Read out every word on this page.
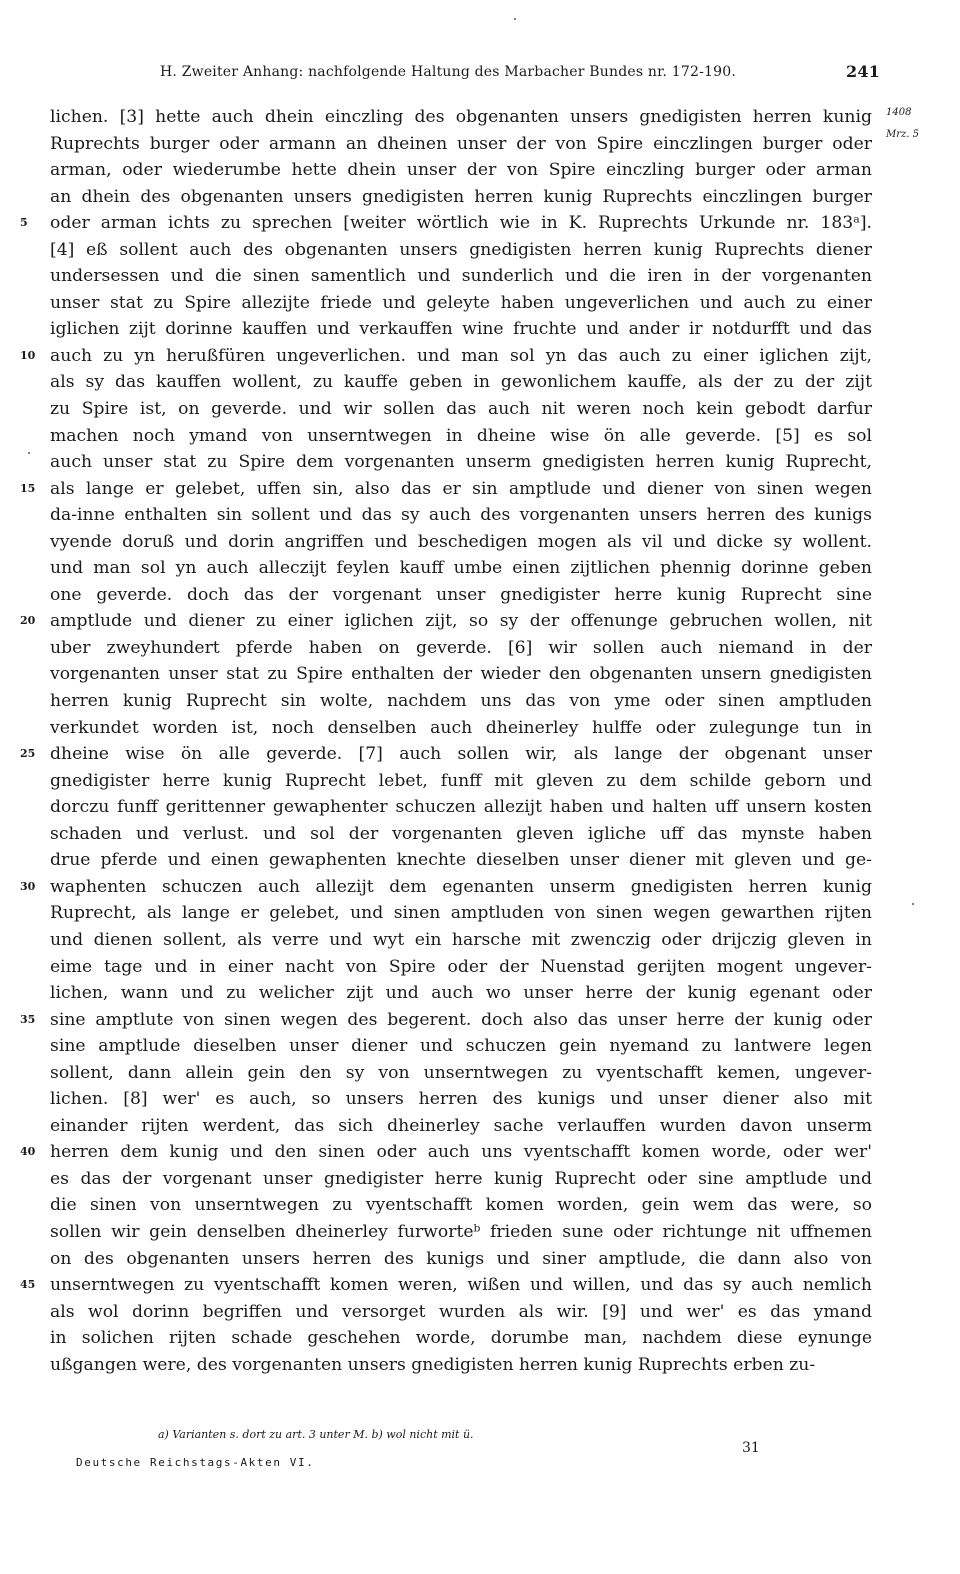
H. Zweiter Anhang: nachfolgende Haltung des Marbacher Bundes nr. 172-190.	241
1408
Mrz. 5
lichen. [3] hette auch dhein einczling des obgenanten unsers gnedigisten herren kunig
Ruprechts burger oder armann an dheinen unser der von Spire einczlingen burger oder
arman, oder wiederumbe hette dhein unser der von Spire einczling burger oder arman
an dhein des obgenanten unsers gnedigisten herren kunig Ruprechts einczlingen burger
5	oder arman ichts zu sprechen [weiter wörtlich wie in K. Ruprechts Urkunde nr. 183ᵃ].
[4] eß sollent auch des obgenanten unsers gnedigisten herren kunig Ruprechts diener
undersessen und die sinen samentlich und sunderlich und die iren in der vorgenanten
unser stat zu Spire allezijte friede und geleyte haben ungeverlichen und auch zu einer
iglichen zijt dorinne kauffen und verkauffen wine fruchte und ander ir notdurfft und das
10 auch zu yn herußfüren ungeverlichen. und man sol yn das auch zu einer iglichen zijt,
als sy das kauffen wollent, zu kauffe geben in gewonlichem kauffe, als der zu der zijt
zu Spire ist, on geverde. und wir sollen das auch nit weren noch kein gebodt darfur
machen noch ymand von unserntwegen in dheine wise ön alle geverde. [5] es sol
auch unser stat zu Spire dem vorgenanten unserm gnedigisten herren kunig Ruprecht,
15 als lange er gelebet, uffen sin, also das er sin amptlude und diener von sinen wegen
da-inne enthalten sin sollent und das sy auch des vorgenanten unsers herren des kunigs
vyende doruß und dorin angriffen und beschedigen mogen als vil und dicke sy wollent.
und man sol yn auch alleczijt feylen kauff umbe einen zijtlichen phennig dorinne geben
one geverde. doch das der vorgenant unser gnedigister herre kunig Ruprecht sine
20 amptlude und diener zu einer iglichen zijt, so sy der offenunge gebruchen wollen, nit
uber zweyhundert pferde haben on geverde. [6] wir sollen auch niemand in der
vorgenanten unser stat zu Spire enthalten der wieder den obgenanten unsern gnedigisten
herren kunig Ruprecht sin wolte, nachdem uns das von yme oder sinen amptluden
verkundet worden ist, noch denselben auch dheinerley hulffe oder zulegunge tun in
25 dheine wise ön alle geverde. [7] auch sollen wir, als lange der obgenant unser
gnedigister herre kunig Ruprecht lebet, funff mit gleven zu dem schilde geborn und
dorczu funff gerittenner gewaphenter schuczen allezijt haben und halten uff unsern kosten
schaden und verlust. und sol der vorgenanten gleven igliche uff das mynste haben
drue pferde und einen gewaphenten knechte dieselben unser diener mit gleven und ge-
30 waphenten schuczen auch allezijt dem egenanten unserm gnedigisten herren kunig
Ruprecht, als lange er gelebet, und sinen amptluden von sinen wegen gewarthen rijten
und dienen sollent, als verre und wyt ein harsche mit zwenczig oder drijczig gleven in
eime tage und in einer nacht von Spire oder der Nuenstad gerijten mogent ungever-
lichen, wann und zu welicher zijt und auch wo unser herre der kunig egenant oder
35 sine amptlute von sinen wegen des begerent. doch also das unser herre der kunig oder
sine amptlude dieselben unser diener und schuczen gein nyemand zu lantwere legen
sollent, dann allein gein den sy von unserntwegen zu vyentschafft kemen, ungever-
lichen. [8] wer' es auch, so unsers herren des kunigs und unser diener also mit
einander rijten werdent, das sich dheinerley sache verlauffen wurden davon unserm
40 herren dem kunig und den sinen oder auch uns vyentschafft komen worde, oder wer'
es das der vorgenant unser gnedigister herre kunig Ruprecht oder sine amptlude und
die sinen von unserntwegen zu vyentschafft komen worden, gein wem das were, so
sollen wir gein denselben dheinerley furworteᵇ frieden sune oder richtunge nit uffnemen
on des obgenanten unsers herren des kunigs und siner amptlude, die dann also von
45 unserntwegen zu vyentschafft komen weren, wißen und willen, und das sy auch nemlich
als wol dorinn begriffen und versorget wurden als wir. [9] und wer' es das ymand
in solichen rijten schade geschehen worde, dorumbe man, nachdem diese eynunge
ußgangen were, des vorgenanten unsers gnedigisten herren kunig Ruprechts erben zu-
a) Varianten s. dort zu art. 3 unter M. b) wol nicht mit ü.
Deutsche Reichstags-Akten VI.
31
